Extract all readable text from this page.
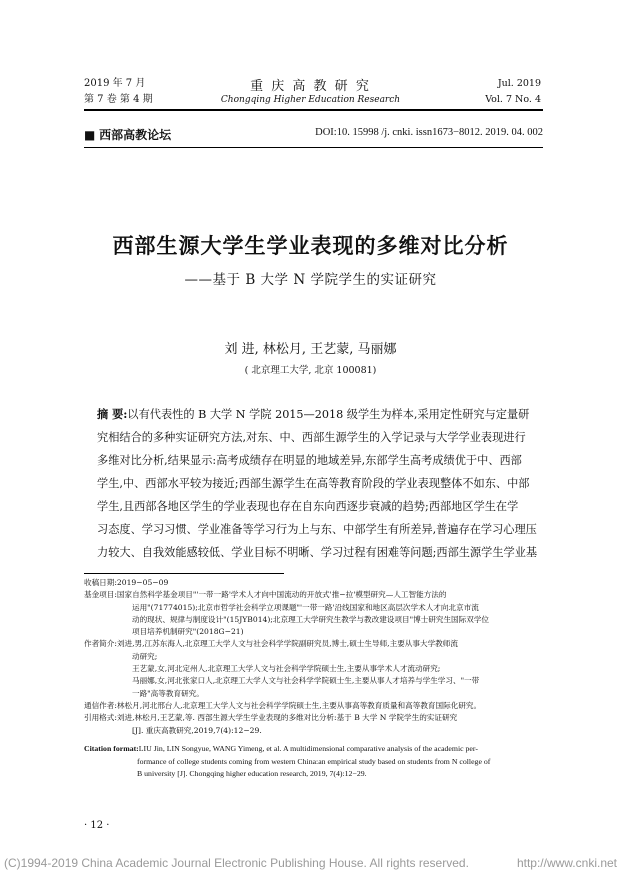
2019 年 7 月
第 7 卷 第 4 期
重 庆 高 教 研 究
Chongqing Higher Education Research
Jul. 2019
Vol. 7 No. 4
■ 西部高教论坛	DOI:10. 15998 /j. cnki. issn1673−8012. 2019. 04. 002
西部生源大学生学业表现的多维对比分析
——基于 B 大学 N 学院学生的实证研究
刘 进, 林松月, 王艺蒙, 马丽娜
( 北京理工大学, 北京 100081)
摘 要:以有代表性的 B 大学 N 学院 2015—2018 级学生为样本,采用定性研究与定量研
究相结合的多种实证研究方法,对东、中、西部生源学生的入学记录与大学学业表现进行
多维对比分析,结果显示:高考成绩存在明显的地域差异,东部学生高考成绩优于中、西部
学生,中、西部水平较为接近;西部生源学生在高等教育阶段的学业表现整体不如东、中部
学生,且西部各地区学生的学业表现也存在自东向西逐步衰减的趋势;西部地区学生在学
习态度、学习习惯、学业准备等学习行为上与东、中部学生有所差异,普遍存在学习心理压
力较大、自我效能感较低、学业目标不明晰、学习过程有困难等问题;西部生源学生学业基
收稿日期:2019−05−09
基金项目:国家自然科学基金项目"'一带一路'学术人才向中国流动的开放式'推−拉'模型研究—人工智能方法的
运用"(71774015);北京市哲学社会科学立项课题"'一带一路'沿线国家和地区高层次学术人才向北京市流
动的现状、规律与制度设计"(15JYB014);北京理工大学研究生教学与教改建设项目"博士研究生国际双学位
项目培养机制研究"(2018G−21)
作者简介:刘进,男,江苏东海人,北京理工大学人文与社会科学学院副研究员,博士,硕士生导师,主要从事大学教师流
动研究;
王艺蒙,女,河北定州人,北京理工大学人文与社会科学学院硕士生,主要从事学术人才流动研究;
马丽娜,女,河北张家口人,北京理工大学人文与社会科学学院硕士生,主要从事人才培养与学生学习、"一带
一路"高等教育研究。
通信作者:林松月,河北邢台人,北京理工大学人文与社会科学学院硕士生,主要从事高等教育质量和高等教育国际化研究。
引用格式:刘进,林松月,王艺蒙,等. 西部生源大学生学业表现的多维对比分析:基于 B 大学 N 学院学生的实证研究
[J]. 重庆高教研究,2019,7(4):12−29.
Citation format:LIU Jin, LIN Songyue, WANG Yimeng, et al. A multidimensional comparative analysis of the academic per-
formance of college students coming from western China:an empirical study based on students from N college of
B university [J]. Chongqing higher education research, 2019, 7(4):12−29.
· 12 ·
(C)1994-2019 China Academic Journal Electronic Publishing House. All rights reserved.	http://www.cnki.net
